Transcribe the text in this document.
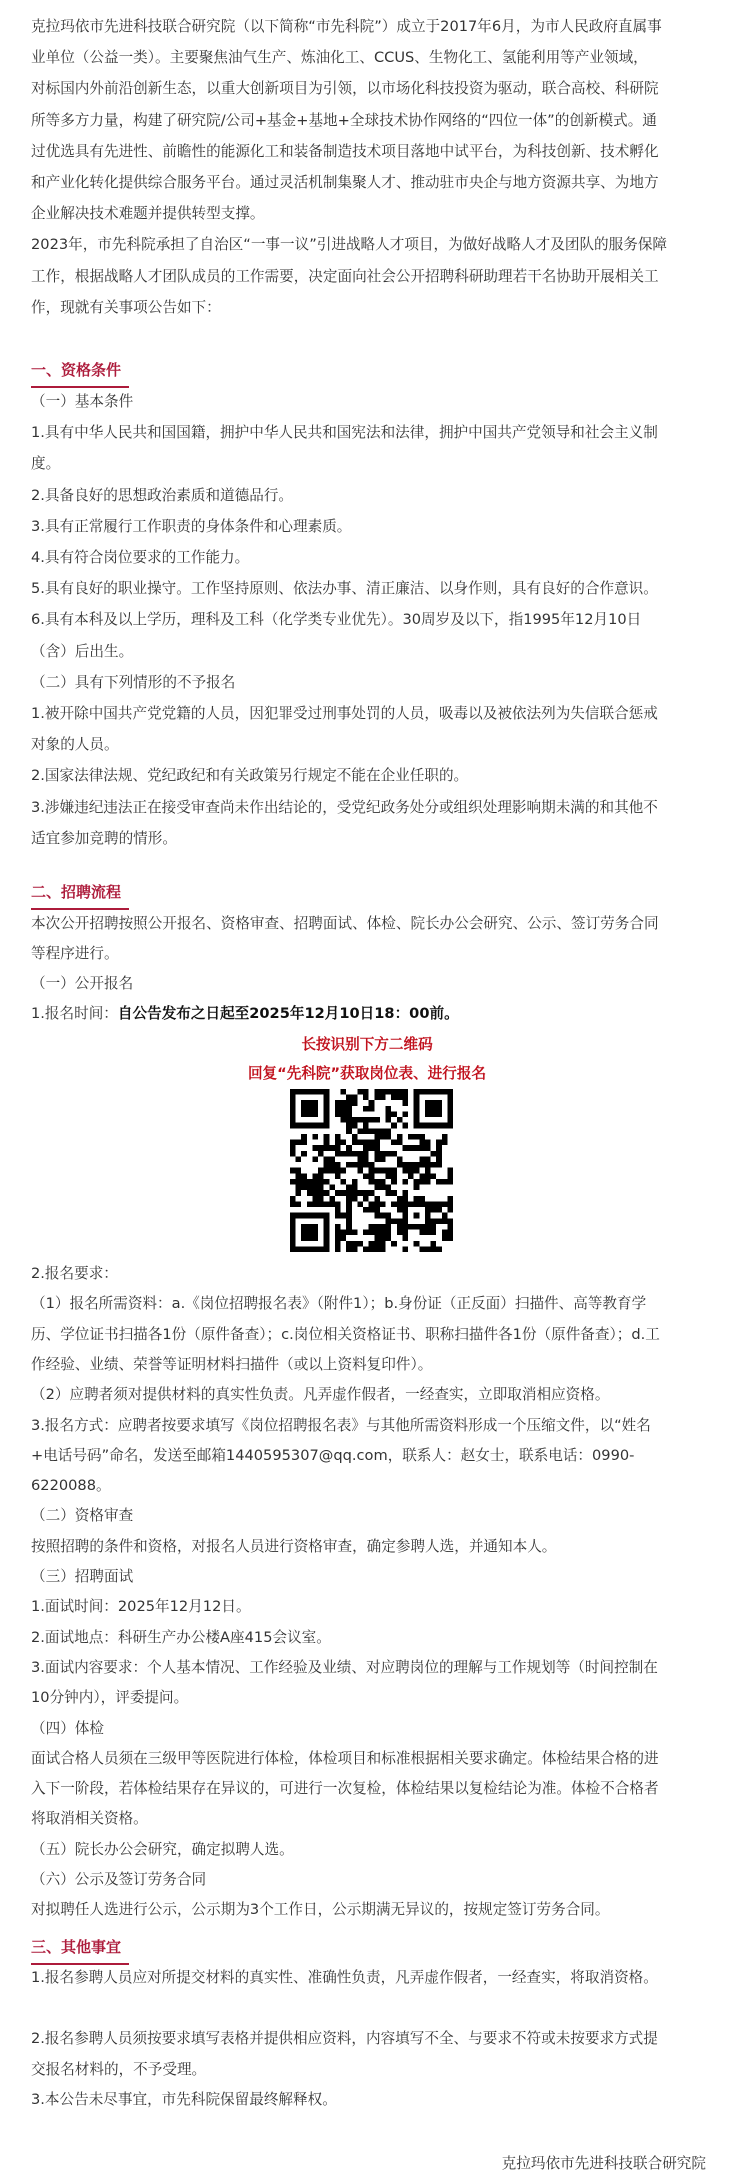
克拉玛依市先进科技联合研究院（以下简称“市先科院”）成立于2017年6月，为市人民政府直属事
业单位（公益一类）。主要聚焦油气生产、炼油化工、CCUS、生物化工、氢能利用等产业领域，
对标国内外前沿创新生态，以重大创新项目为引领，以市场化科技投资为驱动，联合高校、科研院
所等多方力量，构建了研究院/公司+基金+基地+全球技术协作网络的“四位一体”的创新模式。通
过优选具有先进性、前瞻性的能源化工和装备制造技术项目落地中试平台，为科技创新、技术孵化
和产业化转化提供综合服务平台。通过灵活机制集聚人才、推动驻市央企与地方资源共享、为地方
企业解决技术难题并提供转型支撑。
2023年，市先科院承担了自治区“一事一议”引进战略人才项目，为做好战略人才及团队的服务保障
工作，根据战略人才团队成员的工作需要，决定面向社会公开招聘科研助理若干名协助开展相关工
作，现就有关事项公告如下：
一、资格条件
（一）基本条件
1.具有中华人民共和国国籍，拥护中华人民共和国宪法和法律，拥护中国共产党领导和社会主义制
度。
2.具备良好的思想政治素质和道德品行。
3.具有正常履行工作职责的身体条件和心理素质。
4.具有符合岗位要求的工作能力。
5.具有良好的职业操守。工作坚持原则、依法办事、清正廉洁、以身作则，具有良好的合作意识。
6.具有本科及以上学历，理科及工科（化学类专业优先）。30周岁及以下，指1995年12月10日
（含）后出生。
（二）具有下列情形的不予报名
1.被开除中国共产党党籍的人员，因犯罪受过刑事处罚的人员，吸毒以及被依法列为失信联合惩戒
对象的人员。
2.国家法律法规、党纪政纪和有关政策另行规定不能在企业任职的。
3.涉嫌违纪违法正在接受审查尚未作出结论的，受党纪政务处分或组织处理影响期未满的和其他不
适宜参加竞聘的情形。
二、招聘流程
本次公开招聘按照公开报名、资格审查、招聘面试、体检、院长办公会研究、公示、签订劳务合同
等程序进行。
（一）公开报名
1.报名时间：自公告发布之日起至2025年12月10日18：00前。
长按识别下方二维码
回复“先科院”获取岗位表、进行报名
2.报名要求：
（1）报名所需资料：a.《岗位招聘报名表》（附件1）；b.身份证（正反面）扫描件、高等教育学
历、学位证书扫描各1份（原件备查）；c.岗位相关资格证书、职称扫描件各1份（原件备查）；d.工
作经验、业绩、荣誉等证明材料扫描件（或以上资料复印件）。
（2）应聘者须对提供材料的真实性负责。凡弄虚作假者，一经查实，立即取消相应资格。
3.报名方式：应聘者按要求填写《岗位招聘报名表》与其他所需资料形成一个压缩文件，以“姓名
+电话号码”命名，发送至邮箱1440595307@qq.com，联系人：赵女士，联系电话：0990-
6220088。
（二）资格审查
按照招聘的条件和资格，对报名人员进行资格审查，确定参聘人选，并通知本人。
（三）招聘面试
1.面试时间：2025年12月12日。
2.面试地点：科研生产办公楼A座415会议室。
3.面试内容要求：个人基本情况、工作经验及业绩、对应聘岗位的理解与工作规划等（时间控制在
10分钟内），评委提问。
（四）体检
面试合格人员须在三级甲等医院进行体检，体检项目和标准根据相关要求确定。体检结果合格的进
入下一阶段，若体检结果存在异议的，可进行一次复检，体检结果以复检结论为准。体检不合格者
将取消相关资格。
（五）院长办公会研究，确定拟聘人选。
（六）公示及签订劳务合同
对拟聘任人选进行公示，公示期为3个工作日，公示期满无异议的，按规定签订劳务合同。
三、其他事宜
1.报名参聘人员应对所提交材料的真实性、准确性负责，凡弄虚作假者，一经查实，将取消资格。
2.报名参聘人员须按要求填写表格并提供相应资料，内容填写不全、与要求不符或未按要求方式提
交报名材料的，不予受理。
3.本公告未尽事宜，市先科院保留最终解释权。
克拉玛依市先进科技联合研究院
